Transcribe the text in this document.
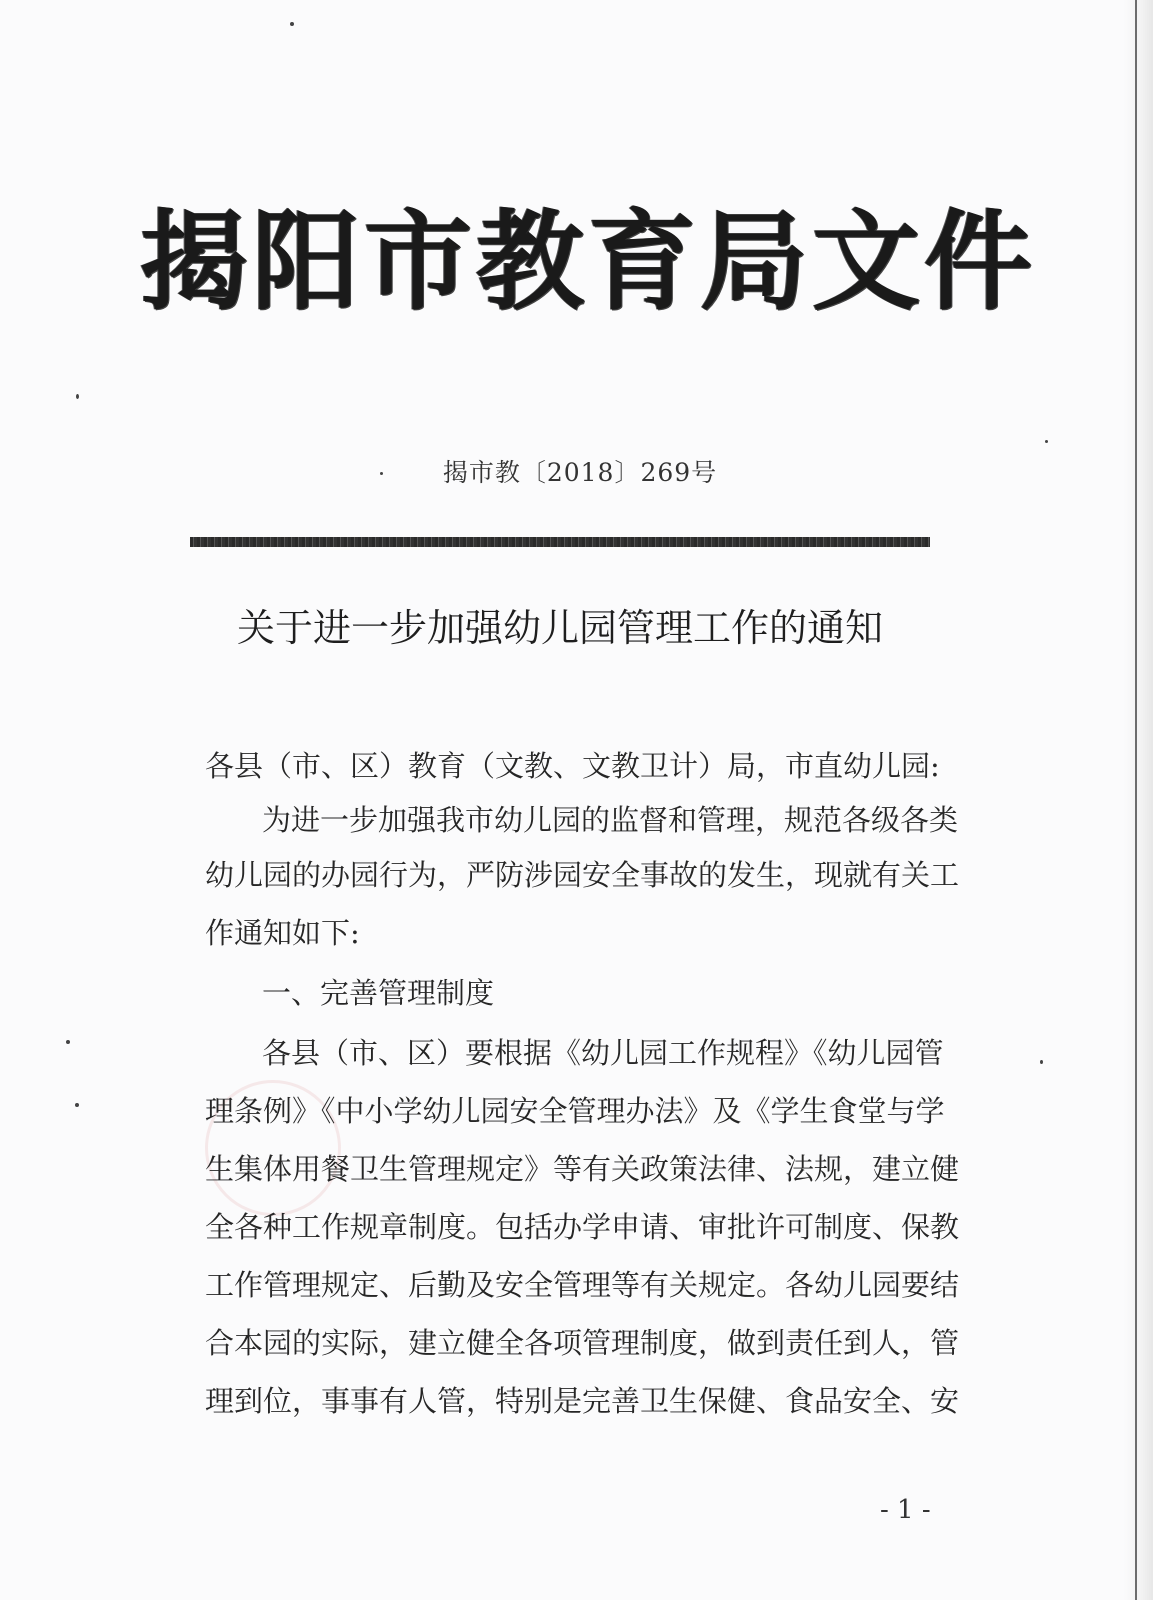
揭阳市教育局文件
揭市教〔2018〕269号
关于进一步加强幼儿园管理工作的通知
各县（市、区）教育（文教、文教卫计）局，市直幼儿园:
为进一步加强我市幼儿园的监督和管理，规范各级各类
幼儿园的办园行为，严防涉园安全事故的发生，现就有关工
作通知如下:
一、完善管理制度
各县（市、区）要根据《幼儿园工作规程》《幼儿园管
理条例》《中小学幼儿园安全管理办法》及《学生食堂与学
生集体用餐卫生管理规定》等有关政策法律、法规，建立健
全各种工作规章制度。包括办学申请、审批许可制度、保教
工作管理规定、后勤及安全管理等有关规定。各幼儿园要结
合本园的实际，建立健全各项管理制度，做到责任到人，管
理到位，事事有人管，特别是完善卫生保健、食品安全、安
- 1 -
